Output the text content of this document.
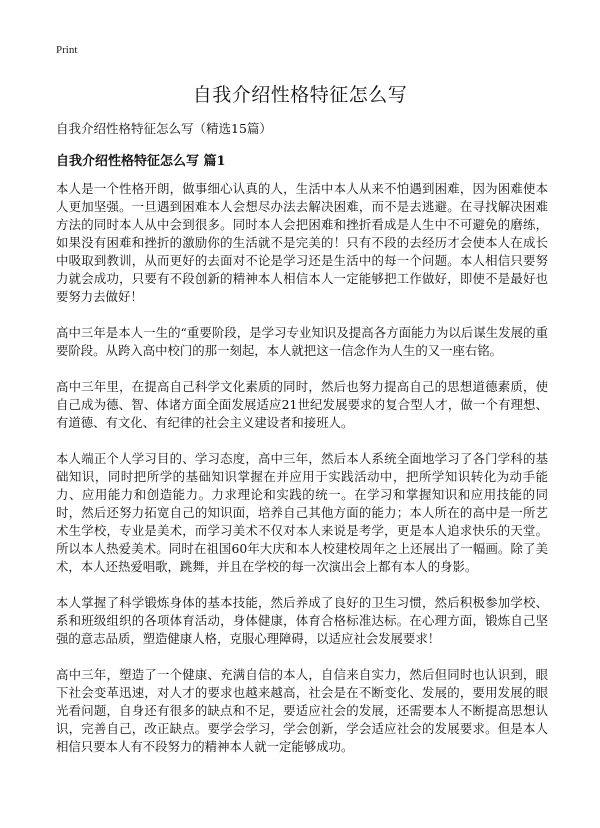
Print
自我介绍性格特征怎么写

自我介绍性格特征怎么写（精选15篇）

自我介绍性格特征怎么写 篇1

本人是一个性格开朗，做事细心认真的人，生活中本人从来不怕遇到困难，因为困难使本人更加坚强。一旦遇到困难本人会想尽办法去解决困难，而不是去逃避。在寻找解决困难方法的同时本人从中会到很多。同时本人会把困难和挫折看成是人生中不可避免的磨练，如果没有困难和挫折的激励你的生活就不是完美的！只有不段的去经历才会使本人在成长中吸取到教训，从而更好的去面对不论是学习还是生活中的每一个问题。本人相信只要努力就会成功，只要有不段创新的精神本人相信本人一定能够把工作做好，即使不是最好也要努力去做好！

高中三年是本人一生的“重要阶段，是学习专业知识及提高各方面能力为以后谋生发展的重要阶段。从跨入高中校门的那一刻起，本人就把这一信念作为人生的又一座右铭。

高中三年里，在提高自己科学文化素质的同时，然后也努力提高自己的思想道德素质，使自己成为德、智、体诸方面全面发展适应21世纪发展要求的复合型人才，做一个有理想、有道德、有文化、有纪律的社会主义建设者和接班人。

本人端正个人学习目的、学习态度，高中三年，然后本人系统全面地学习了各门学科的基础知识，同时把所学的基础知识掌握在并应用于实践活动中，把所学知识转化为动手能力、应用能力和创造能力。力求理论和实践的统一。在学习和掌握知识和应用技能的同时，然后还努力拓宽自己的知识面，培养自己其他方面的能力；本人所在的高中是一所艺术生学校，专业是美术，而学习美术不仅对本人来说是考学，更是本人追求快乐的天堂。所以本人热爱美术。同时在祖国60年大庆和本人校建校周年之上还展出了一幅画。除了美术，本人还热爱唱歌，跳舞，并且在学校的每一次演出会上都有本人的身影。

本人掌握了科学锻炼身体的基本技能，然后养成了良好的卫生习惯，然后积极参加学校、系和班级组织的各项体育活动，身体健康，体育合格标准达标。在心理方面，锻炼自己坚强的意志品质，塑造健康人格，克服心理障碍，以适应社会发展要求！

高中三年，塑造了一个健康、充满自信的本人，自信来自实力，然后但同时也认识到，眼下社会变革迅速，对人才的要求也越来越高，社会是在不断变化、发展的，要用发展的眼光看问题，自身还有很多的缺点和不足，要适应社会的发展，还需要本人不断提高思想认识，完善自己，改正缺点。要学会学习，学会创新，学会适应社会的发展要求。但是本人相信只要本人有不段努力的精神本人就一定能够成功。
